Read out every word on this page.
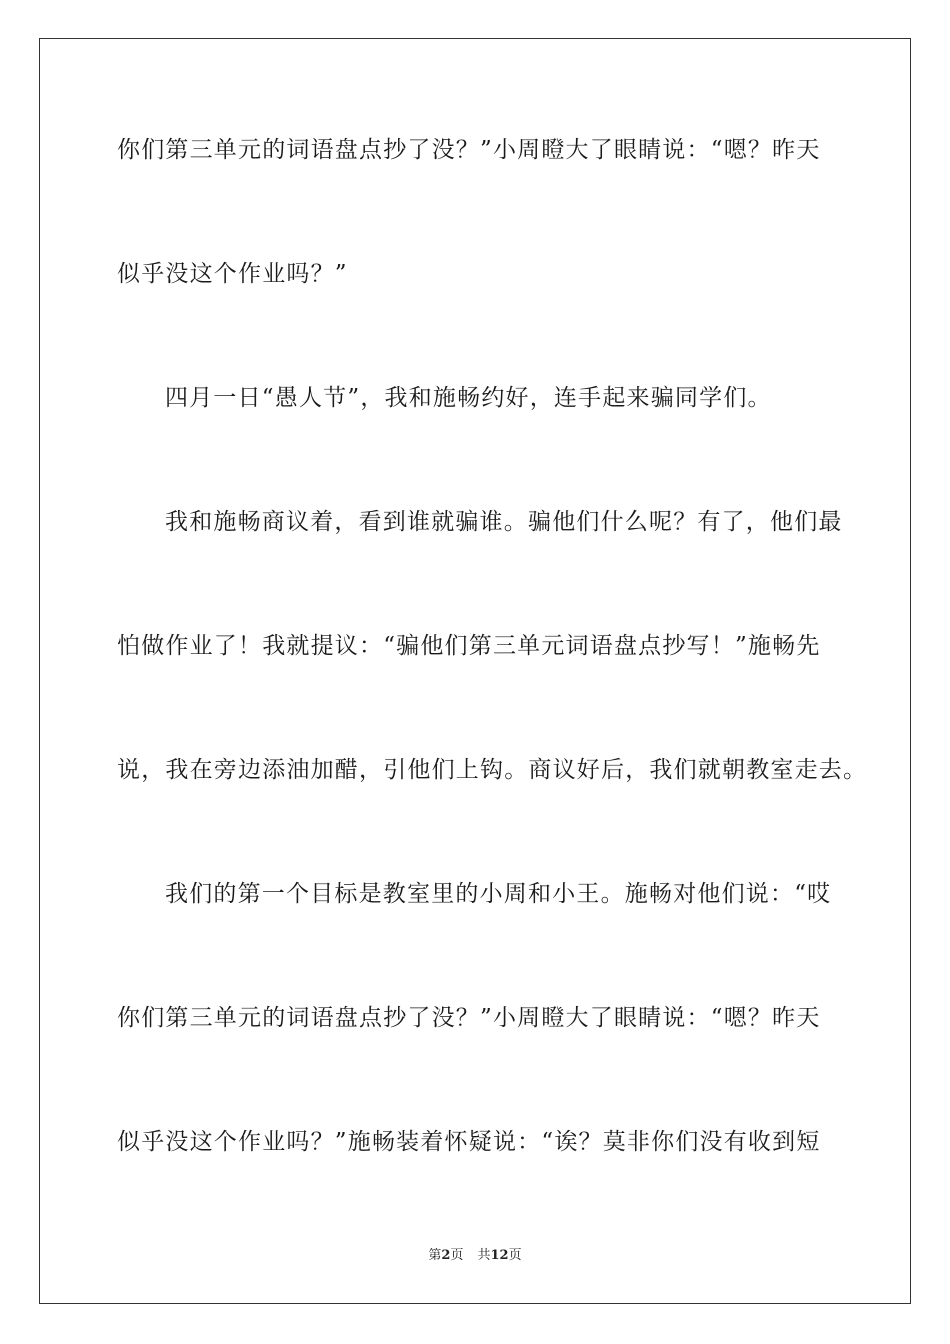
你们第三单元的词语盘点抄了没？”小周瞪大了眼睛说：“嗯？昨天
似乎没这个作业吗？”
四月一日“愚人节”，我和施畅约好，连手起来骗同学们。
我和施畅商议着，看到谁就骗谁。骗他们什么呢？有了，他们最
怕做作业了！我就提议：“骗他们第三单元词语盘点抄写！”施畅先
说，我在旁边添油加醋，引他们上钩。商议好后，我们就朝教室走去。
我们的第一个目标是教室里的小周和小王。施畅对他们说：“哎
你们第三单元的词语盘点抄了没？”小周瞪大了眼睛说：“嗯？昨天
似乎没这个作业吗？”施畅装着怀疑说：“诶？莫非你们没有收到短
第2页 共12页
